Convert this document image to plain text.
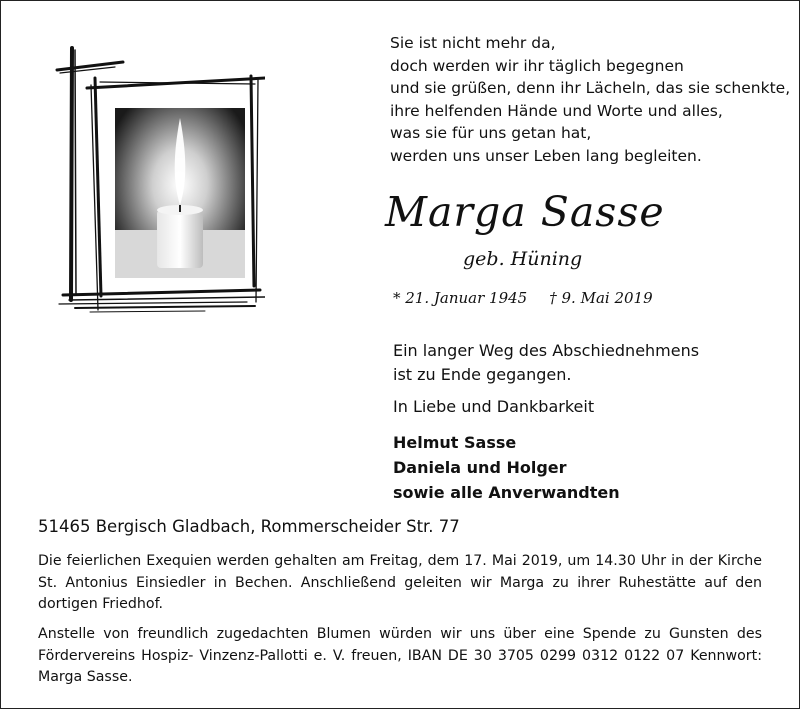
Sie ist nicht mehr da,
doch werden wir ihr täglich begegnen
und sie grüßen, denn ihr Lächeln, das sie schenkte,
ihre helfenden Hände und Worte und alles,
was sie für uns getan hat,
werden uns unser Leben lang begleiten.
Marga Sasse
geb. Hüning
* 21. Januar 1945 † 9. Mai 2019
Ein langer Weg des Abschiednehmens
ist zu Ende gegangen.
In Liebe und Dankbarkeit
Helmut Sasse
Daniela und Holger
sowie alle Anverwandten
51465 Bergisch Gladbach, Rommerscheider Str. 77
Die feierlichen Exequien werden gehalten am Freitag, dem 17. Mai 2019, um 14.30 Uhr in der Kirche St. Antonius Einsiedler in Bechen. Anschließend geleiten wir Marga zu ihrer Ruhestätte auf den dortigen Friedhof.
Anstelle von freundlich zugedachten Blumen würden wir uns über eine Spende zu Gunsten des Fördervereins Hospiz- Vinzenz-Pallotti e. V. freuen, IBAN DE 30 3705 0299 0312 0122 07 Kennwort: Marga Sasse.
